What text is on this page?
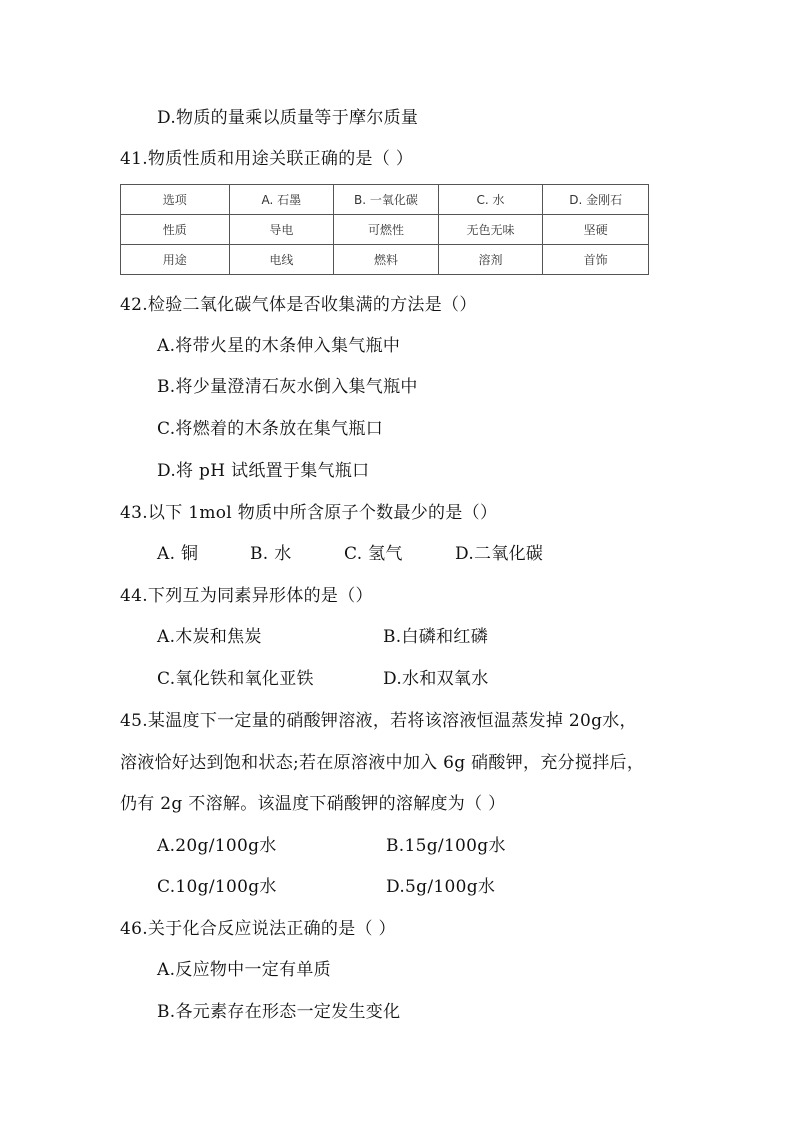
D.物质的量乘以质量等于摩尔质量
41.物质性质和用途关联正确的是（ ）
选项	A. 石墨	B. 一氧化碳	C. 水	D. 金刚石
性质	导电	可燃性	无色无味	坚硬
用途	电线	燃料	溶剂	首饰
42.检验二氧化碳气体是否收集满的方法是（）
A.将带火星的木条伸入集气瓶中
B.将少量澄清石灰水倒入集气瓶中
C.将燃着的木条放在集气瓶口
D.将 pH 试纸置于集气瓶口
43.以下 1mol 物质中所含原子个数最少的是（）
A. 铜	B. 水	C. 氢气	D.二氧化碳
44.下列互为同素异形体的是（）
A.木炭和焦炭	B.白磷和红磷
C.氧化铁和氧化亚铁	D.水和双氧水
45.某温度下一定量的硝酸钾溶液，若将该溶液恒温蒸发掉 20g水，
溶液恰好达到饱和状态;若在原溶液中加入 6g 硝酸钾，充分搅拌后，
仍有 2g 不溶解。该温度下硝酸钾的溶解度为（ ）
A.20g/100g水	B.15g/100g水
C.10g/100g水	D.5g/100g水
46.关于化合反应说法正确的是（ ）
A.反应物中一定有单质
B.各元素存在形态一定发生变化
